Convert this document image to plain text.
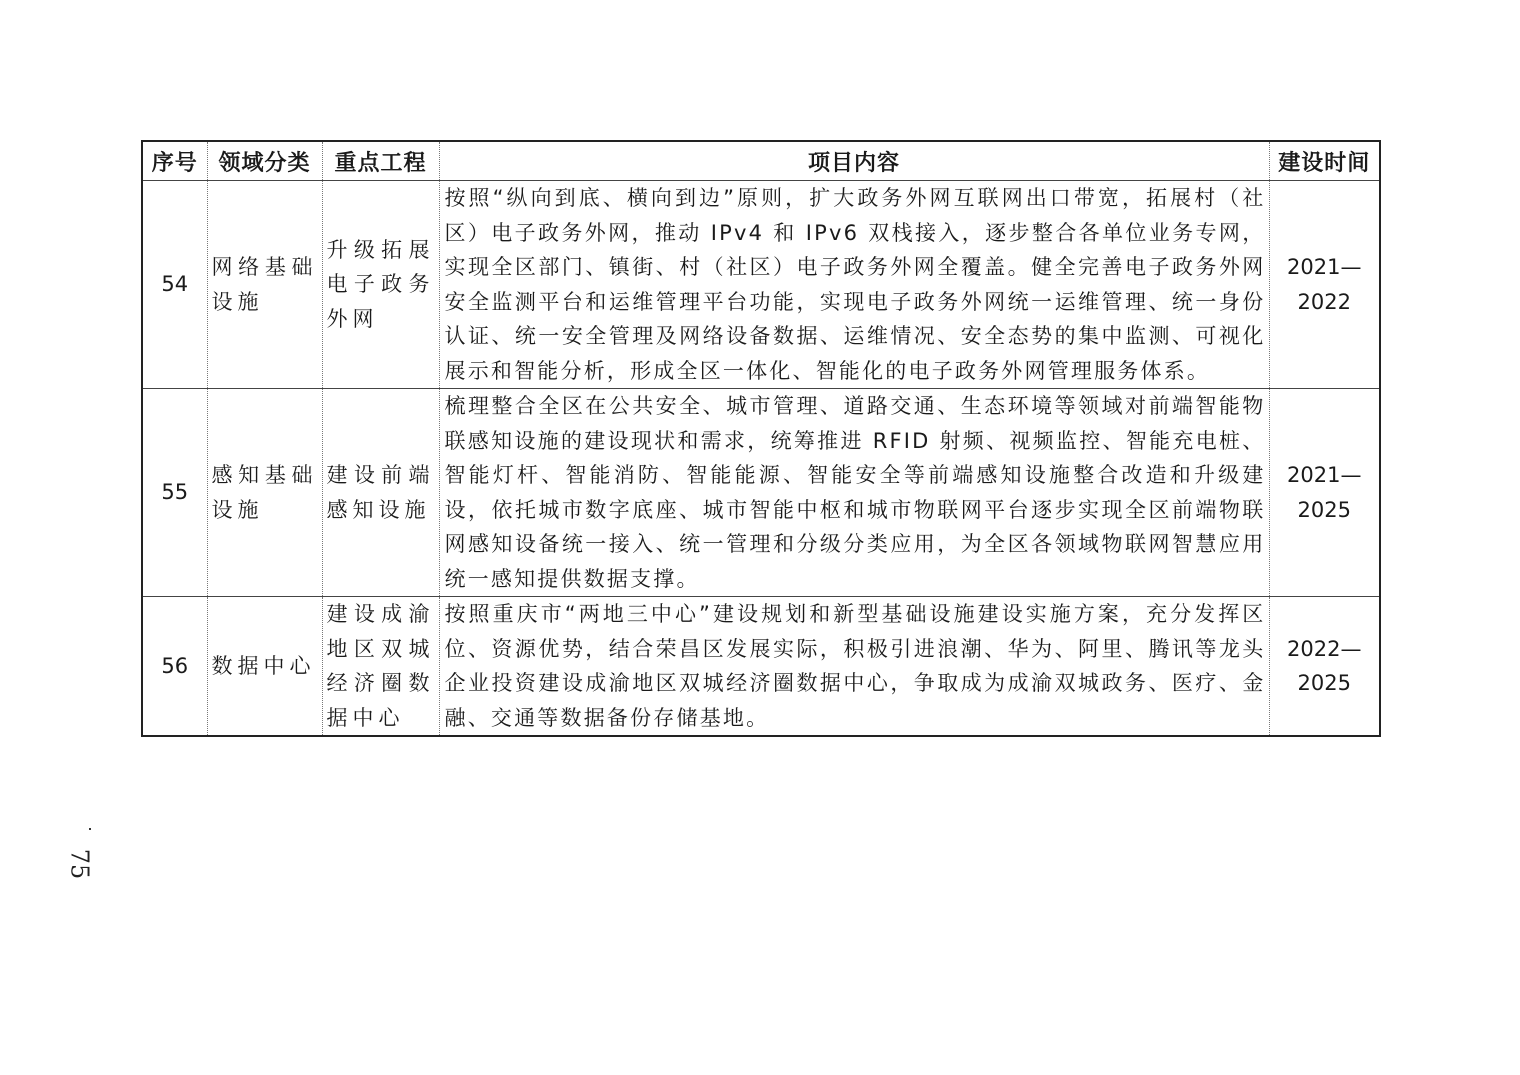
序号	领域分类	重点工程	项目内容	建设时间
54	网络基础设施	升级拓展电子政务外网	按照“纵向到底、横向到边”原则，扩大政务外网互联网出口带宽，拓展村（社区）电子政务外网，推动 IPv4 和 IPv6 双栈接入，逐步整合各单位业务专网，实现全区部门、镇街、村（社区）电子政务外网全覆盖。健全完善电子政务外网安全监测平台和运维管理平台功能，实现电子政务外网统一运维管理、统一身份认证、统一安全管理及网络设备数据、运维情况、安全态势的集中监测、可视化展示和智能分析，形成全区一体化、智能化的电子政务外网管理服务体系。	2021—2022
55	感知基础设施	建设前端感知设施	梳理整合全区在公共安全、城市管理、道路交通、生态环境等领域对前端智能物联感知设施的建设现状和需求，统筹推进 RFID 射频、视频监控、智能充电桩、智能灯杆、智能消防、智能能源、智能安全等前端感知设施整合改造和升级建设，依托城市数字底座、城市智能中枢和城市物联网平台逐步实现全区前端物联网感知设备统一接入、统一管理和分级分类应用，为全区各领域物联网智慧应用统一感知提供数据支撑。	2021—2025
56	数据中心	建设成渝地区双城经济圈数据中心	按照重庆市“两地三中心”建设规划和新型基础设施建设实施方案，充分发挥区位、资源优势，结合荣昌区发展实际，积极引进浪潮、华为、阿里、腾讯等龙头企业投资建设成渝地区双城经济圈数据中心，争取成为成渝双城政务、医疗、金融、交通等数据备份存储基地。	2022—2025
75
